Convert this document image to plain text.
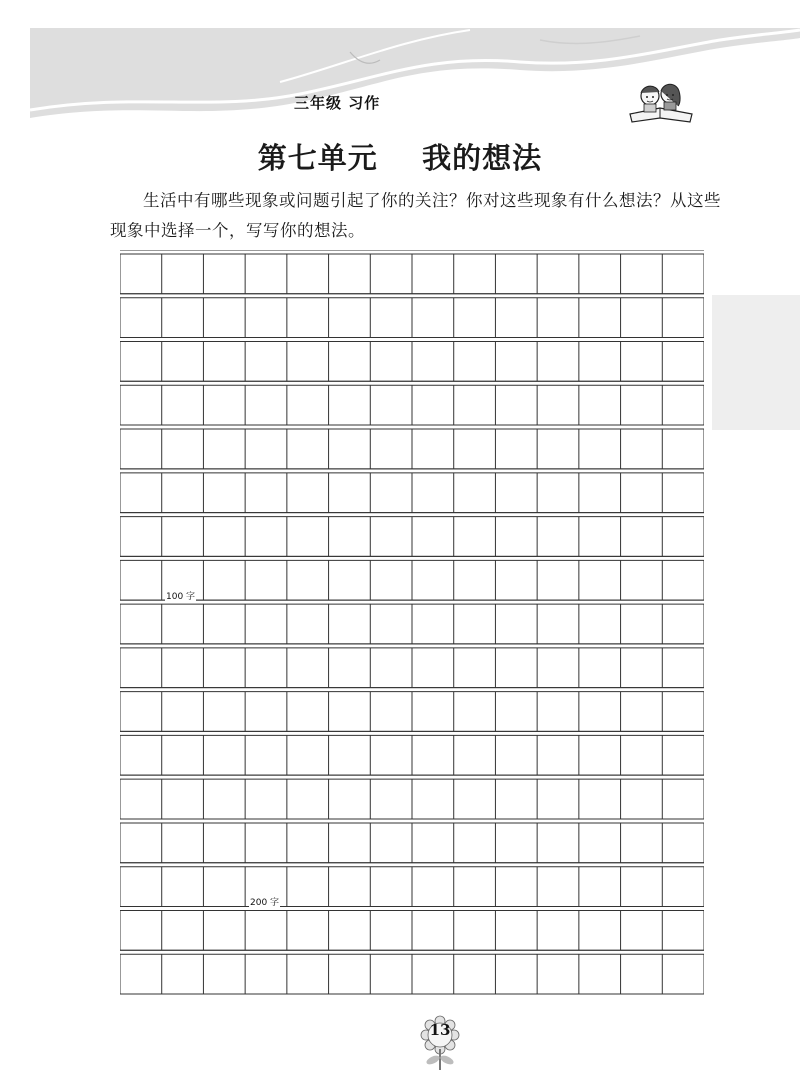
三年级 习作
第七单元    我的想法
生活中有哪些现象或问题引起了你的关注？你对这些现象有什么想法？从这些现象中选择一个，写写你的想法。
100 字
200 字
13
